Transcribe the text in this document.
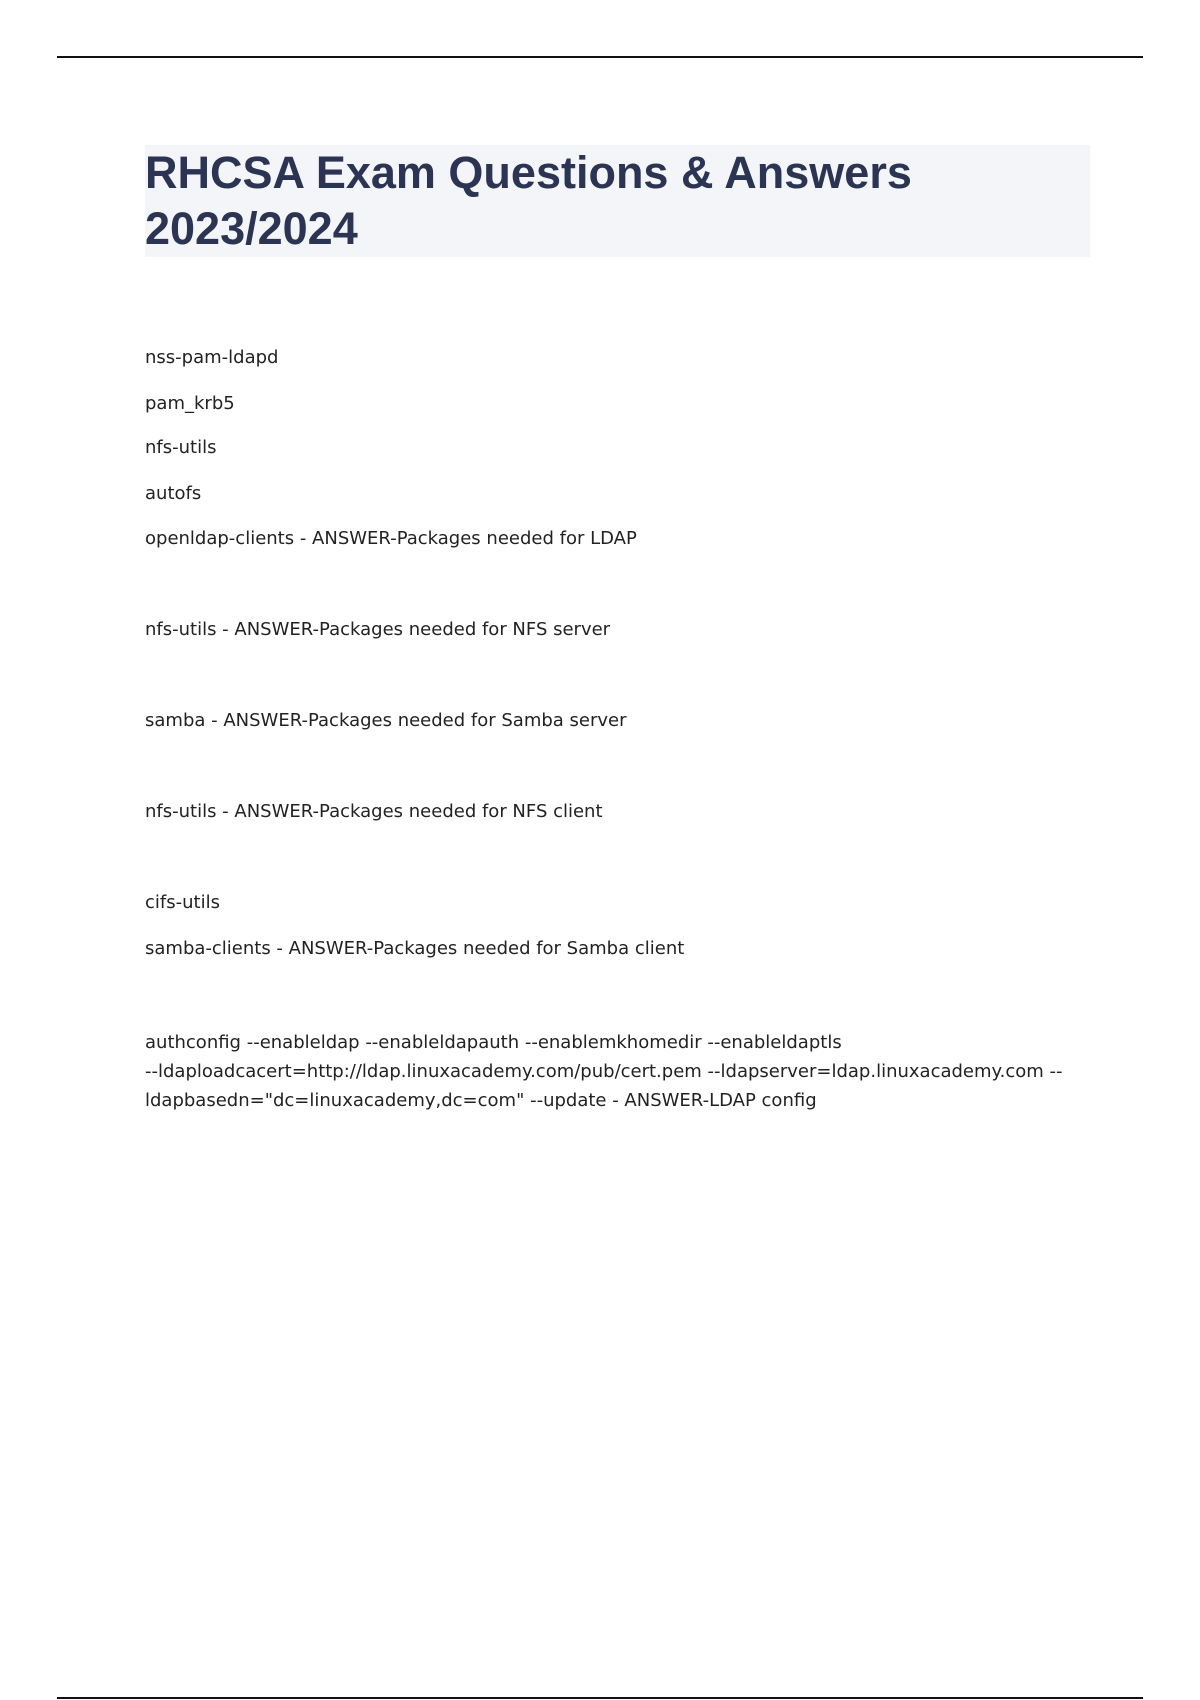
RHCSA Exam Questions & Answers
2023/2024
nss-pam-ldapd
pam_krb5
nfs-utils
autofs
openldap-clients - ANSWER-Packages needed for LDAP
nfs-utils - ANSWER-Packages needed for NFS server
samba - ANSWER-Packages needed for Samba server
nfs-utils - ANSWER-Packages needed for NFS client
cifs-utils
samba-clients - ANSWER-Packages needed for Samba client
authconfig --enableldap --enableldapauth --enablemkhomedir --enableldaptls
--ldaploadcacert=http://ldap.linuxacademy.com/pub/cert.pem --ldapserver=ldap.linuxacademy.com --
ldapbasedn="dc=linuxacademy,dc=com" --update - ANSWER-LDAP config
